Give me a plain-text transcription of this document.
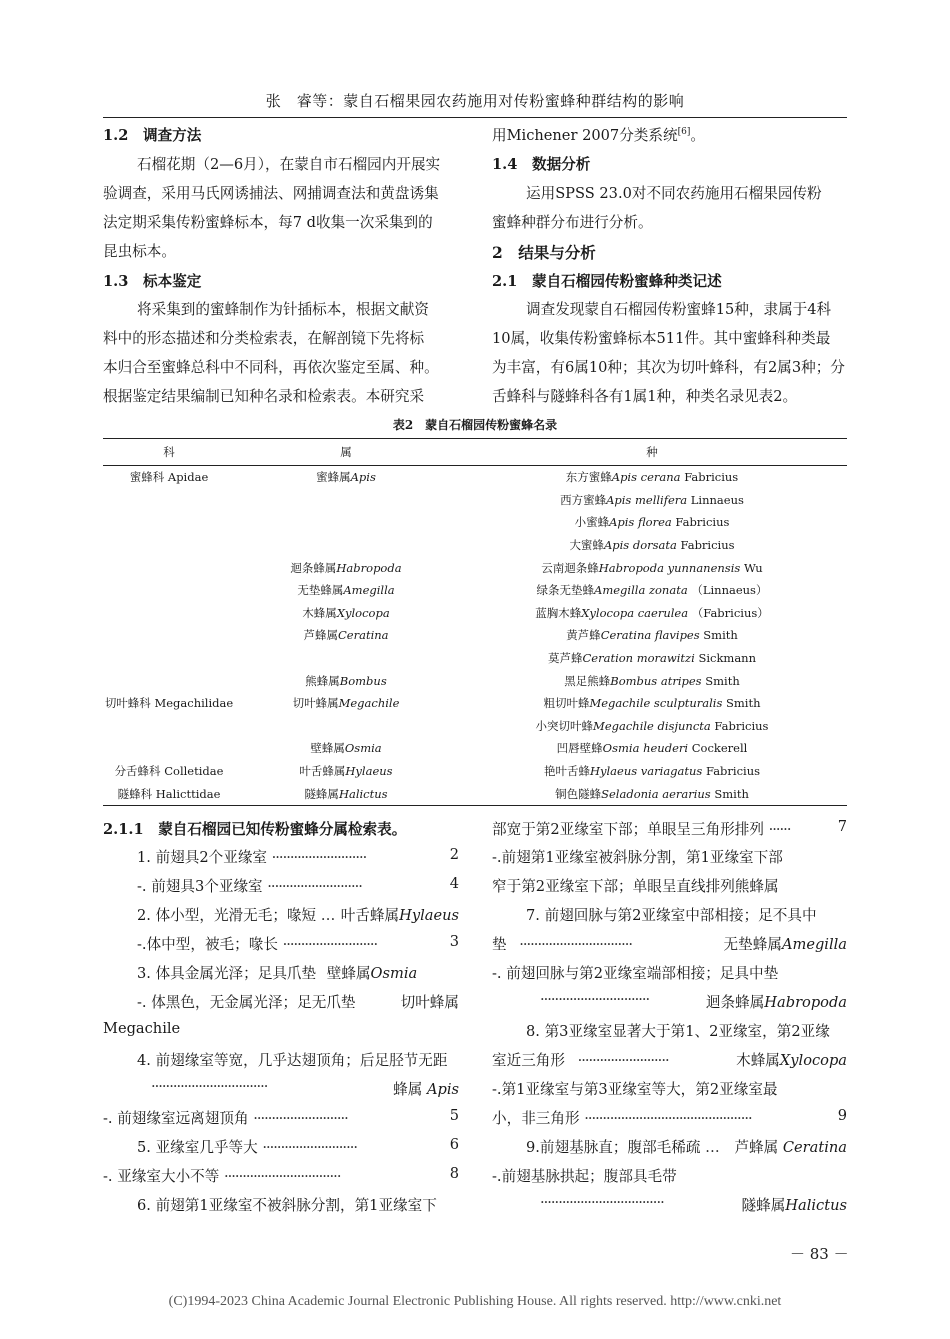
张　睿等：蒙自石榴果园农药施用对传粉蜜蜂种群结构的影响
1.2　调查方法
石榴花期（2—6月），在蒙自市石榴园内开展实
验调查，采用马氏网诱捕法、网捕调查法和黄盘诱集
法定期采集传粉蜜蜂标本，每7 d收集一次采集到的
昆虫标本。
1.3　标本鉴定
将采集到的蜜蜂制作为针插标本，根据文献资
料中的形态描述和分类检索表，在解剖镜下先将标
本归合至蜜蜂总科中不同科，再依次鉴定至属、种。
根据鉴定结果编制已知种名录和检索表。本研究采
用Michener 2007分类系统[6]。
1.4　数据分析
运用SPSS 23.0对不同农药施用石榴果园传粉
蜜蜂种群分布进行分析。
2　结果与分析
2.1　蒙自石榴园传粉蜜蜂种类记述
调查发现蒙自石榴园传粉蜜蜂15种，隶属于4科
10属，收集传粉蜜蜂标本511件。其中蜜蜂科种类最
为丰富，有6属10种；其次为切叶蜂科，有2属3种；分
舌蜂科与隧蜂科各有1属1种，种类名录见表2。
表2　蒙自石榴园传粉蜜蜂名录
科	属	种
蜜蜂科 Apidae	蜜蜂属Apis	东方蜜蜂Apis cerana Fabricius
		西方蜜蜂Apis mellifera Linnaeus
		小蜜蜂Apis florea Fabricius
		大蜜蜂Apis dorsata Fabricius
	迴条蜂属Habropoda	云南迴条蜂Habropoda yunnanensis Wu
	无垫蜂属Amegilla	绿条无垫蜂Amegilla zonata （Linnaeus）
	木蜂属Xylocopa	蓝胸木蜂Xylocopa caerulea （Fabricius）
	芦蜂属Ceratina	黄芦蜂Ceratina flavipes Smith
		莫芦蜂Ceration morawitzi Sickmann
	熊蜂属Bombus	黑足熊蜂Bombus atripes Smith
切叶蜂科 Megachilidae	切叶蜂属Megachile	粗切叶蜂Megachile sculpturalis Smith
		小突切叶蜂Megachile disjuncta Fabricius
	壁蜂属Osmia	凹唇壁蜂Osmia heuderi Cockerell
分舌蜂科 Colletidae	叶舌蜂属Hylaeus	艳叶舌蜂Hylaeus variagatus Fabricius
隧蜂科 Halicttidae	隧蜂属Halictus	铜色隧蜂Seladonia aerarius Smith
2.1.1　蒙自石榴园已知传粉蜜蜂分属检索表。
1. 前翅具2个亚缘室 ··························	2
-. 前翅具3个亚缘室 ··························	4
2. 体小型，光滑无毛；喙短 … 叶舌蜂属Hylaeus
-.体中型，被毛；喙长 ··························	3
3. 体具金属光泽；足具爪垫 壁蜂属Osmia
-. 体黑色，无金属光泽；足无爪垫	切叶蜂属
Megachile
4. 前翅缘室等宽，几乎达翅顶角；后足胫节无距
································	蜂属 Apis
-. 前翅缘室远离翅顶角 ··························	5
5. 亚缘室几乎等大 ··························	6
-. 亚缘室大小不等 ································	8
6. 前翅第1亚缘室不被斜脉分割，第1亚缘室下
部宽于第2亚缘室下部；单眼呈三角形排列 ······	7
-.前翅第1亚缘室被斜脉分割，第1亚缘室下部
窄于第2亚缘室下部；单眼呈直线排列熊蜂属
7. 前翅回脉与第2亚缘室中部相接；足不具中
垫 ·······························	无垫蜂属Amegilla
-. 前翅回脉与第2亚缘室端部相接；足具中垫
······························	迴条蜂属Habropoda
8. 第3亚缘室显著大于第1、2亚缘室，第2亚缘
室近三角形 ·························	木蜂属Xylocopa
-.第1亚缘室与第3亚缘室等大，第2亚缘室最
小，非三角形 ··············································	9
9.前翅基脉直；腹部毛稀疏 … 芦蜂属 Ceratina
-.前翅基脉拱起；腹部具毛带
··································	隧蜂属Halictus
－ 83 －
(C)1994-2023 China Academic Journal Electronic Publishing House. All rights reserved. http://www.cnki.net
